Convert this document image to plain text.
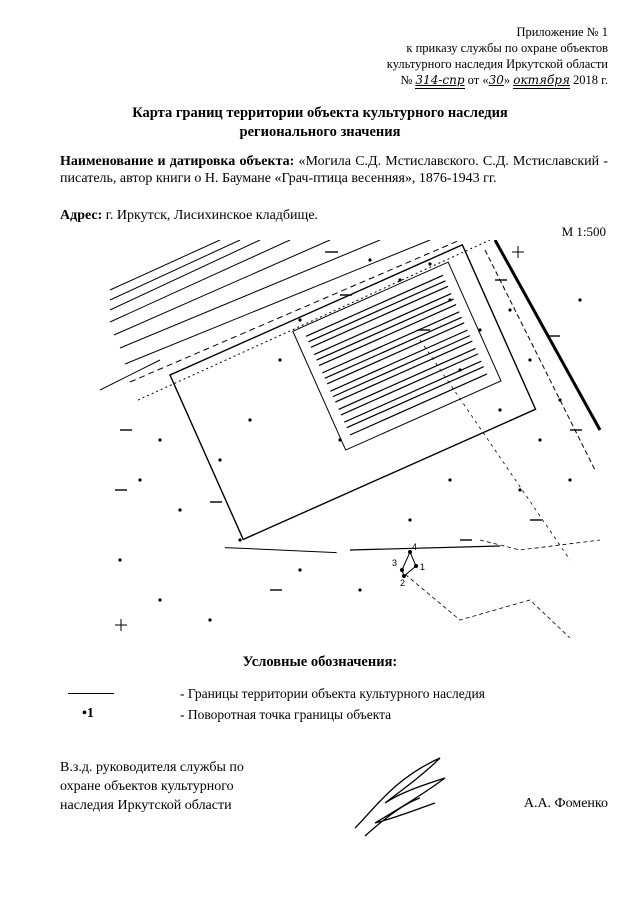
Приложение № 1
к приказу службы по охране объектов
культурного наследия Иркутской области
№ 314-спр от «30» октября 2018 г.
Карта границ территории объекта культурного наследия
регионального значения
Наименование и датировка объекта: «Могила С.Д. Мстиславского. С.Д. Мстиславский - писатель, автор книги о Н. Баумане «Грач-птица весенняя», 1876-1943 гг.
Адрес: г. Иркутск, Лисихинское кладбище.
М 1:500
3
4
1
2
Условные обозначения:
- Границы территории объекта культурного наследия
•1	- Поворотная точка границы объекта
В.з.д. руководителя службы по
охране объектов культурного
наследия Иркутской области	А.А. Фоменко
